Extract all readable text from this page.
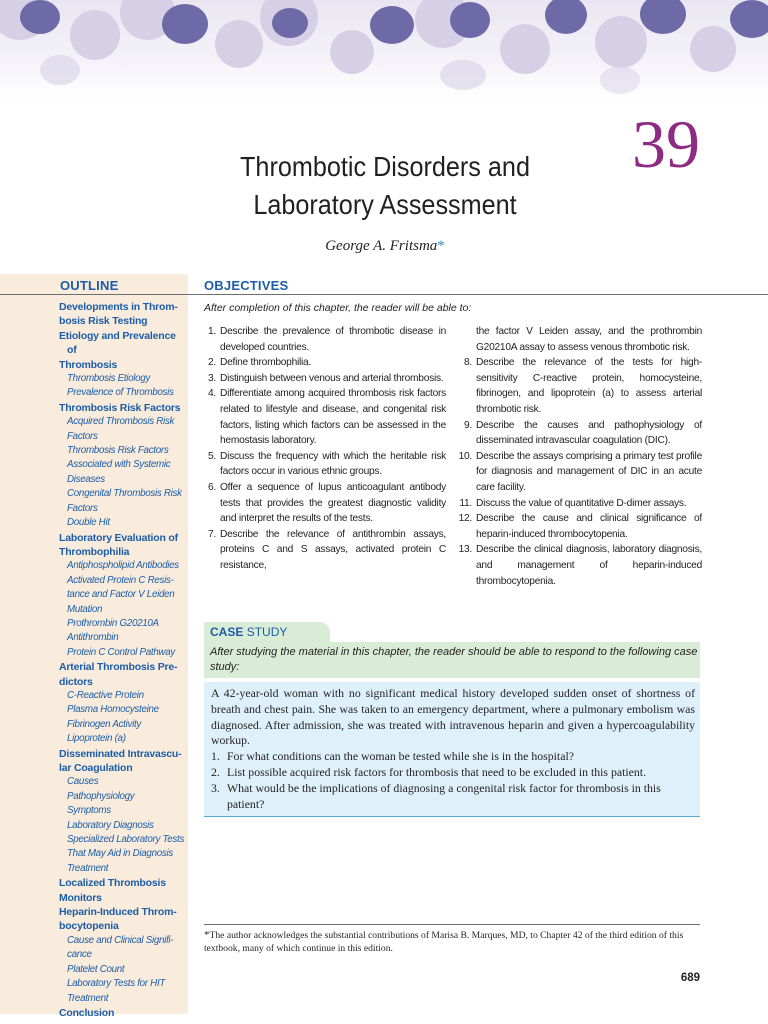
39
Thrombotic Disorders and
Laboratory Assessment
George A. Fritsma*
OUTLINE	OBJECTIVES
Developments in Throm-
bosis Risk Testing
Etiology and Prevalence of
Thrombosis
Thrombosis Etiology
Prevalence of Thrombosis
Thrombosis Risk Factors
Acquired Thrombosis Risk
Factors
Thrombosis Risk Factors
Associated with Systemic
Diseases
Congenital Thrombosis Risk
Factors
Double Hit
Laboratory Evaluation of
Thrombophilia
Antiphospholipid Antibodies
Activated Protein C Resis-
tance and Factor V Leiden
Mutation
Prothrombin G20210A
Antithrombin
Protein C Control Pathway
Arterial Thrombosis Pre-
dictors
C-Reactive Protein
Plasma Homocysteine
Fibrinogen Activity
Lipoprotein (a)
Disseminated Intravascu-
lar Coagulation
Causes
Pathophysiology
Symptoms
Laboratory Diagnosis
Specialized Laboratory Tests
That May Aid in Diagnosis
Treatment
Localized Thrombosis
Monitors
Heparin-Induced Throm-
bocytopenia
Cause and Clinical Signifi-
cance
Platelet Count
Laboratory Tests for HIT
Treatment
Conclusion
After completion of this chapter, the reader will be able to:
1. Describe the prevalence of thrombotic disease in developed countries.
2. Define thrombophilia.
3. Distinguish between venous and arterial thrombosis.
4. Differentiate among acquired thrombosis risk factors related to lifestyle and disease, and congenital risk factors, listing which factors can be assessed in the hemostasis laboratory.
5. Discuss the frequency with which the heritable risk factors occur in various ethnic groups.
6. Offer a sequence of lupus anticoagulant antibody tests that provides the greatest diagnostic validity and interpret the results of the tests.
7. Describe the relevance of antithrombin assays, proteins C and S assays, activated protein C resistance,
the factor V Leiden assay, and the prothrombin G20210A assay to assess venous thrombotic risk.
8. Describe the relevance of the tests for high-sensitivity C-reactive protein, homocysteine, fibrinogen, and lipoprotein (a) to assess arterial thrombotic risk.
9. Describe the causes and pathophysiology of disseminated intravascular coagulation (DIC).
10. Describe the assays comprising a primary test profile for diagnosis and management of DIC in an acute care facility.
11. Discuss the value of quantitative D-dimer assays.
12. Describe the cause and clinical significance of heparin-induced thrombocytopenia.
13. Describe the clinical diagnosis, laboratory diagnosis, and management of heparin-induced thrombocytopenia.
CASE STUDY
After studying the material in this chapter, the reader should be able to respond to the following case study:
A 42-year-old woman with no significant medical history developed sudden onset of shortness of breath and chest pain. She was taken to an emergency department, where a pulmonary embolism was diagnosed. After admission, she was treated with intravenous heparin and given a hypercoagulability workup.
1. For what conditions can the woman be tested while she is in the hospital?
2. List possible acquired risk factors for thrombosis that need to be excluded in this patient.
3. What would be the implications of diagnosing a congenital risk factor for thrombosis in this patient?
*The author acknowledges the substantial contributions of Marisa B. Marques, MD, to Chapter 42 of the third edition of this textbook, many of which continue in this edition.
689
